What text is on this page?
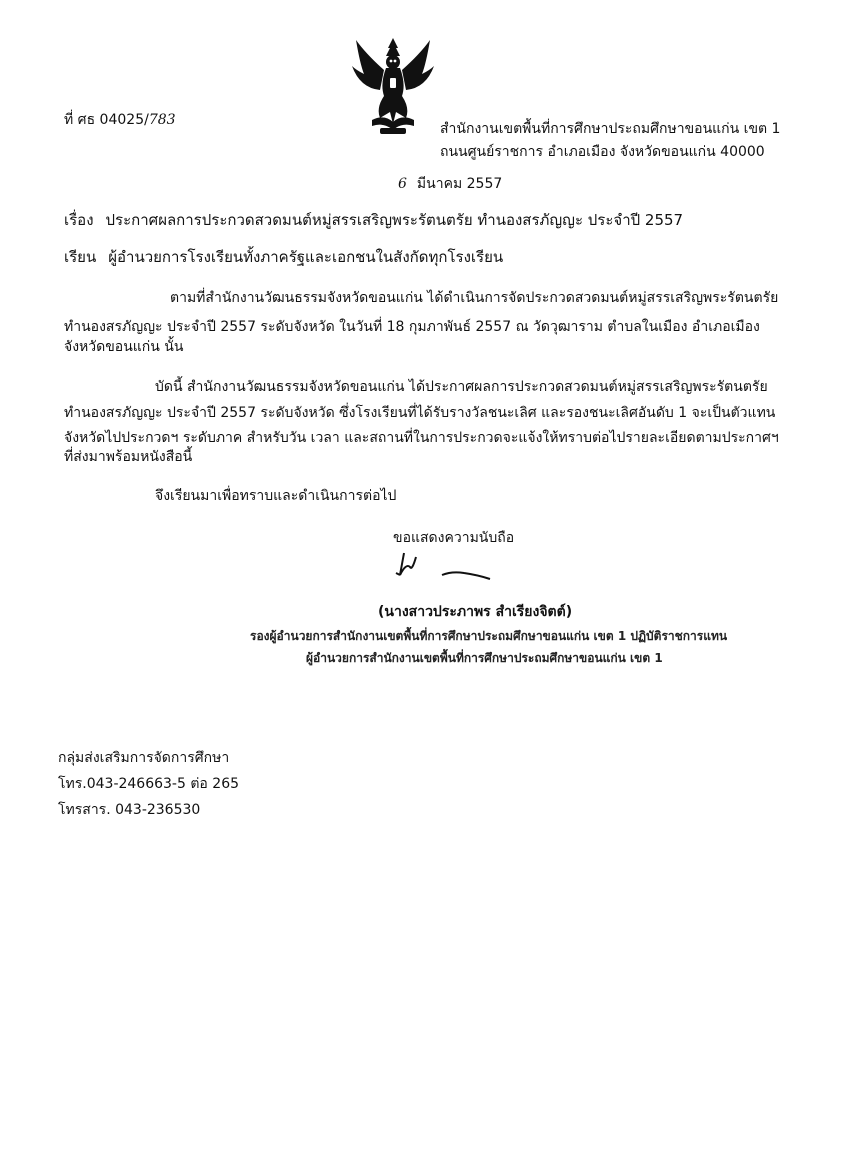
ที่ ศธ 04025/783
สำนักงานเขตพื้นที่การศึกษาประถมศึกษาขอนแก่น เขต 1
ถนนศูนย์ราชการ อำเภอเมือง จังหวัดขอนแก่น 40000
6 มีนาคม 2557
เรื่อง ประกาศผลการประกวดสวดมนต์หมู่สรรเสริญพระรัตนตรัย ทำนองสรภัญญะ ประจำปี 2557
เรียน ผู้อำนวยการโรงเรียนทั้งภาครัฐและเอกชนในสังกัดทุกโรงเรียน
ตามที่สำนักงานวัฒนธรรมจังหวัดขอนแก่น ได้ดำเนินการจัดประกวดสวดมนต์หมู่สรรเสริญพระรัตนตรัย
ทำนองสรภัญญะ ประจำปี 2557 ระดับจังหวัด ในวันที่ 18 กุมภาพันธ์ 2557 ณ วัดวุฒาราม ตำบลในเมือง อำเภอเมือง
จังหวัดขอนแก่น นั้น
บัดนี้ สำนักงานวัฒนธรรมจังหวัดขอนแก่น ได้ประกาศผลการประกวดสวดมนต์หมู่สรรเสริญพระรัตนตรัย
ทำนองสรภัญญะ ประจำปี 2557 ระดับจังหวัด ซึ่งโรงเรียนที่ได้รับรางวัลชนะเลิศ และรองชนะเลิศอันดับ 1 จะเป็นตัวแทน
จังหวัดไปประกวดฯ ระดับภาค สำหรับวัน เวลา และสถานที่ในการประกวดจะแจ้งให้ทราบต่อไปรายละเอียดตามประกาศฯ
ที่ส่งมาพร้อมหนังสือนี้
จึงเรียนมาเพื่อทราบและดำเนินการต่อไป
ขอแสดงความนับถือ
(นางสาวประภาพร สำเรียงจิตต์)
รองผู้อำนวยการสำนักงานเขตพื้นที่การศึกษาประถมศึกษาขอนแก่น เขต 1 ปฏิบัติราชการแทน
ผู้อำนวยการสำนักงานเขตพื้นที่การศึกษาประถมศึกษาขอนแก่น เขต 1
กลุ่มส่งเสริมการจัดการศึกษา
โทร.043-246663-5 ต่อ 265
โทรสาร. 043-236530
